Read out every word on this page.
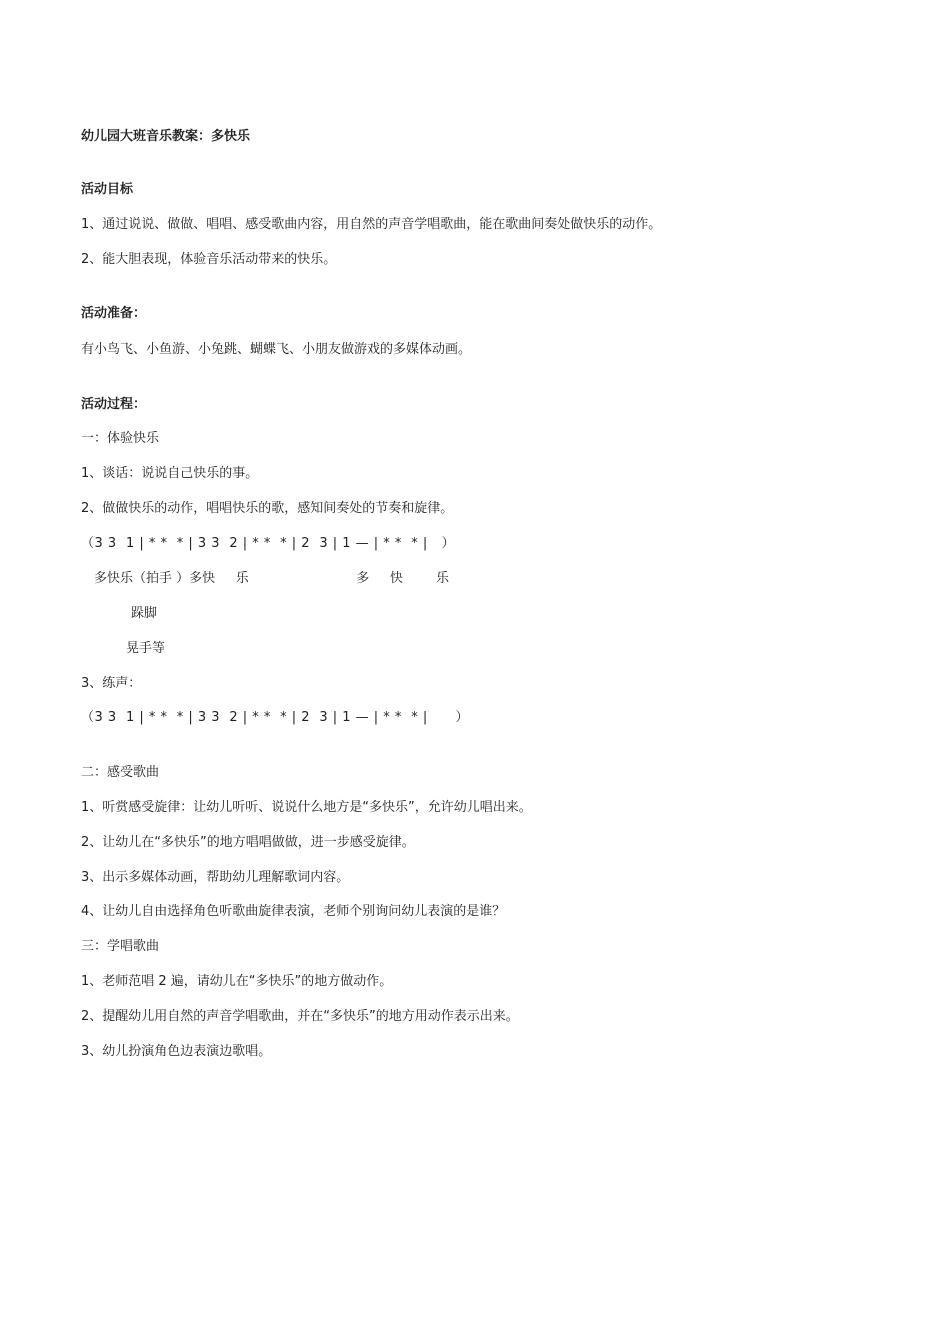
幼儿园大班音乐教案：多快乐
活动目标
1、通过说说、做做、唱唱、感受歌曲内容，用自然的声音学唱歌曲，能在歌曲间奏处做快乐的动作。
2、能大胆表现，体验音乐活动带来的快乐。
活动准备：
有小鸟飞、小鱼游、小兔跳、蝴蝶飞、小朋友做游戏的多媒体动画。
活动过程：
一：体验快乐
1、谈话：说说自己快乐的事。
2、做做快乐的动作，唱唱快乐的歌，感知间奏处的节奏和旋律。
（3 3  1 | * *  * | 3 3  2 | * *  * | 2  3 | 1 — | * *  * |   ）
多快乐（拍手 ）多快     乐                          多     快        乐
跺脚
晃手等
3、练声：
（3 3  1 | * *  * | 3 3  2 | * *  * | 2  3 | 1 — | * *  * |      ）
二：感受歌曲
1、听赏感受旋律：让幼儿听听、说说什么地方是“多快乐”，允许幼儿唱出来。
2、让幼儿在“多快乐”的地方唱唱做做，进一步感受旋律。
3、出示多媒体动画，帮助幼儿理解歌词内容。
4、让幼儿自由选择角色听歌曲旋律表演，老师个别询问幼儿表演的是谁？
三：学唱歌曲
1、老师范唱 2 遍，请幼儿在“多快乐”的地方做动作。
2、提醒幼儿用自然的声音学唱歌曲，并在“多快乐”的地方用动作表示出来。
3、幼儿扮演角色边表演边歌唱。
